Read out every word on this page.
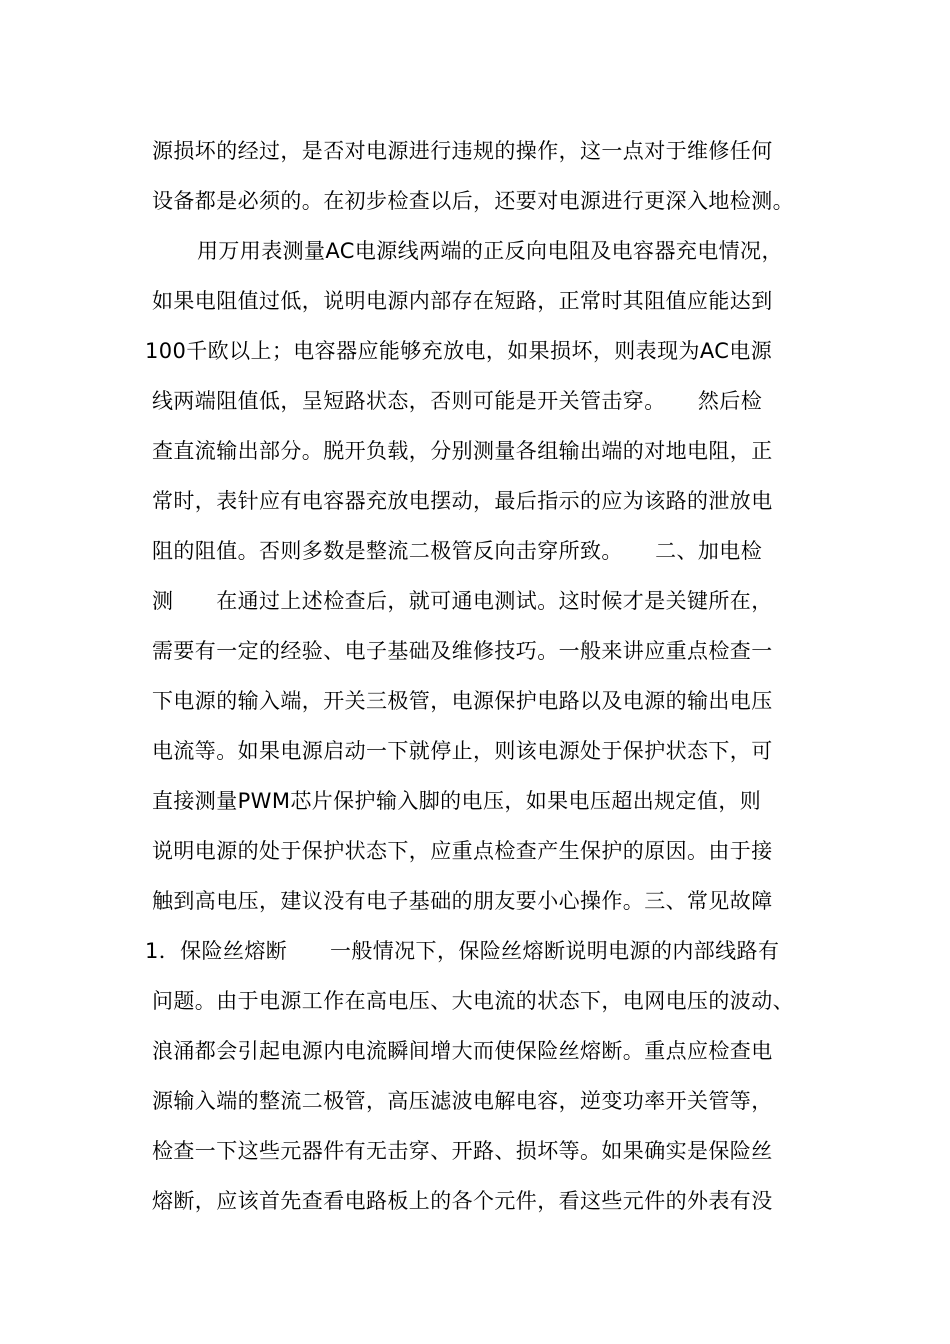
源损坏的经过，是否对电源进行违规的操作，这一点对于维修任何
设备都是必须的。在初步检查以后，还要对电源进行更深入地检测。
用万用表测量AC电源线两端的正反向电阻及电容器充电情况，
如果电阻值过低，说明电源内部存在短路，正常时其阻值应能达到
100千欧以上；电容器应能够充放电，如果损坏，则表现为AC电源
线两端阻值低，呈短路状态，否则可能是开关管击穿。　　然后检
查直流输出部分。脱开负载，分别测量各组输出端的对地电阻，正
常时，表针应有电容器充放电摆动，最后指示的应为该路的泄放电
阻的阻值。否则多数是整流二极管反向击穿所致。　　二、加电检
测　　在通过上述检查后，就可通电测试。这时候才是关键所在，
需要有一定的经验、电子基础及维修技巧。一般来讲应重点检查一
下电源的输入端，开关三极管，电源保护电路以及电源的输出电压
电流等。如果电源启动一下就停止，则该电源处于保护状态下，可
直接测量PWM芯片保护输入脚的电压，如果电压超出规定值，则
说明电源的处于保护状态下，应重点检查产生保护的原因。由于接
触到高电压，建议没有电子基础的朋友要小心操作。三、常见故障
1．保险丝熔断　　一般情况下，保险丝熔断说明电源的内部线路有
问题。由于电源工作在高电压、大电流的状态下，电网电压的波动、
浪涌都会引起电源内电流瞬间增大而使保险丝熔断。重点应检查电
源输入端的整流二极管，高压滤波电解电容，逆变功率开关管等，
检查一下这些元器件有无击穿、开路、损坏等。如果确实是保险丝
熔断，应该首先查看电路板上的各个元件，看这些元件的外表有没
